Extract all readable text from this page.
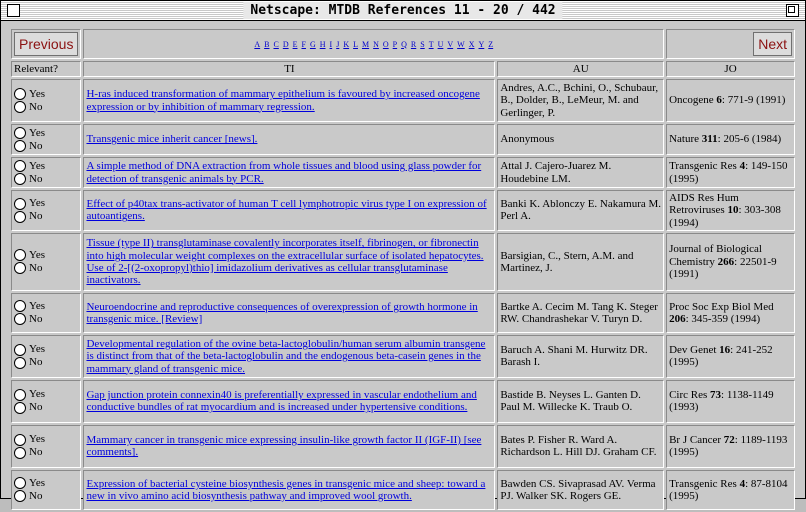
Netscape: MTDB References 11 - 20 / 442
Previous	A B C D E F G H I J K L M N O P Q R S T U V W X Y Z		Next
Relevant?	TI	AU	JO

Yes
No	H-ras induced transformation of mammary epithelium is favoured by increased oncogene expression or by inhibition of mammary regression.	Andres, A.C., Bchini, O., Schubaur, B., Dolder, B., LeMeur, M. and Gerlinger, P.	Oncogene 6: 771-9 (1991)

Yes
No	Transgenic mice inherit cancer [news].	Anonymous	Nature 311: 205-6 (1984)

Yes
No	A simple method of DNA extraction from whole tissues and blood using glass powder for detection of transgenic animals by PCR.	Attal J. Cajero-Juarez M. Houdebine LM.	Transgenic Res 4: 149-150 (1995)

Yes
No	Effect of p40tax trans-activator of human T cell lymphotropic virus type I on expression of autoantigens.	Banki K. Ablonczy E. Nakamura M. Perl A.	AIDS Res Hum Retroviruses 10: 303-308 (1994)

Yes
No	Tissue (type II) transglutaminase covalently incorporates itself, fibrinogen, or fibronectin into high molecular weight complexes on the extracellular surface of isolated hepatocytes. Use of 2-[(2-oxopropyl)thio] imidazolium derivatives as cellular transglutaminase inactivators.	Barsigian, C., Stern, A.M. and Martinez, J.	Journal of Biological Chemistry 266: 22501-9 (1991)

Yes
No	Neuroendocrine and reproductive consequences of overexpression of growth hormone in transgenic mice. [Review]	Bartke A. Cecim M. Tang K. Steger RW. Chandrashekar V. Turyn D.	Proc Soc Exp Biol Med 206: 345-359 (1994)

Yes
No	Developmental regulation of the ovine beta-lactoglobulin/human serum albumin transgene is distinct from that of the beta-lactoglobulin and the endogenous beta-casein genes in the mammary gland of transgenic mice.	Baruch A. Shani M. Hurwitz DR. Barash I.	Dev Genet 16: 241-252 (1995)

Yes
No	Gap junction protein connexin40 is preferentially expressed in vascular endothelium and conductive bundles of rat myocardium and is increased under hypertensive conditions.	Bastide B. Neyses L. Ganten D. Paul M. Willecke K. Traub O.	Circ Res 73: 1138-1149 (1993)

Yes
No	Mammary cancer in transgenic mice expressing insulin-like growth factor II (IGF-II) [see comments].	Bates P. Fisher R. Ward A. Richardson L. Hill DJ. Graham CF.	Br J Cancer 72: 1189-1193 (1995)

Yes
No	Expression of bacterial cysteine biosynthesis genes in transgenic mice and sheep: toward a new in vivo amino acid biosynthesis pathway and improved wool growth.	Bawden CS. Sivaprasad AV. Verma PJ. Walker SK. Rogers GE.	Transgenic Res 4: 87-8104 (1995)
